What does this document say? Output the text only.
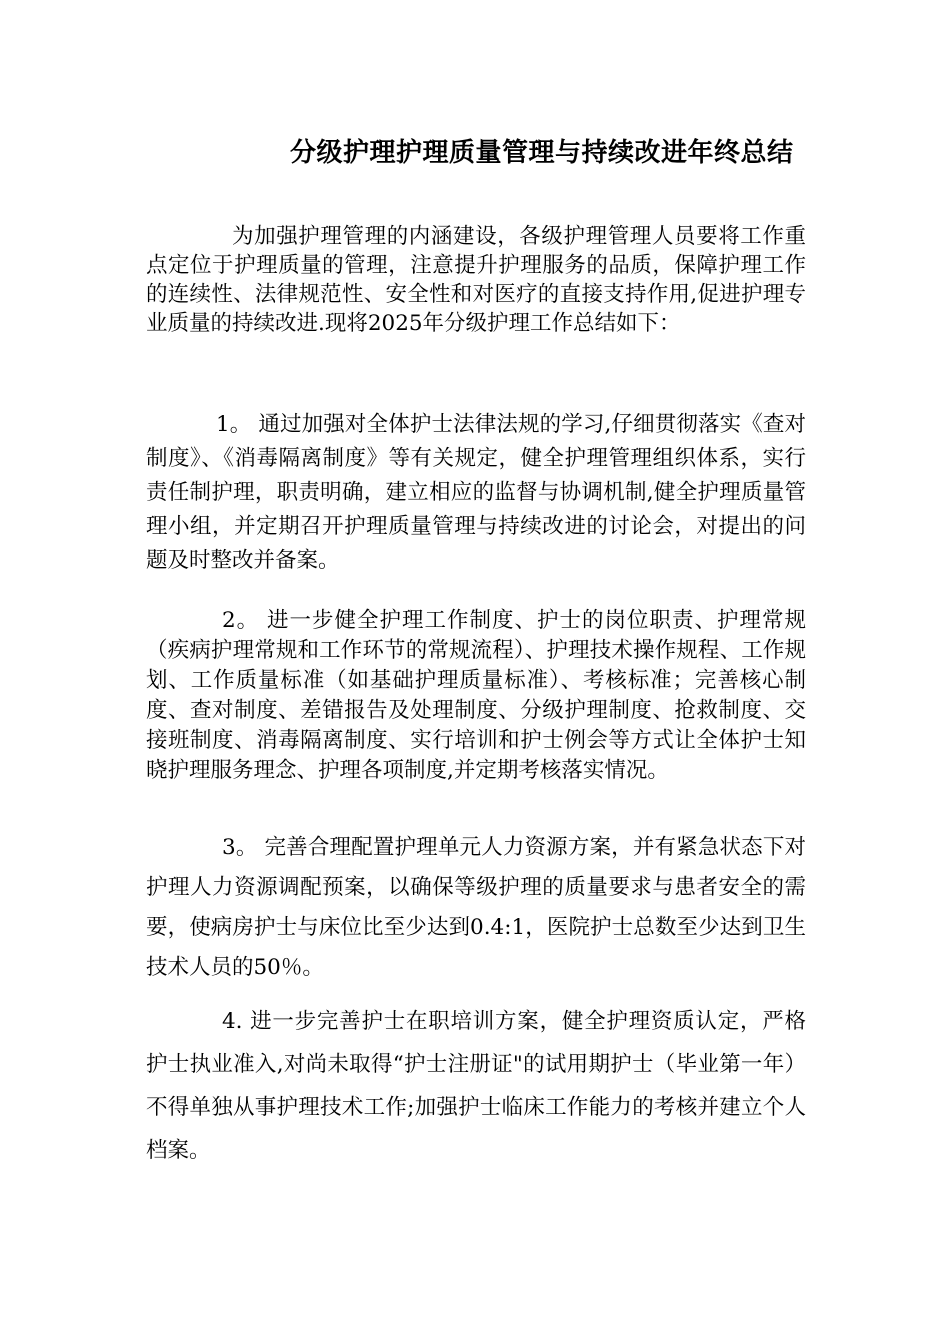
分级护理护理质量管理与持续改进年终总结

为加强护理管理的内涵建设，各级护理管理人员要将工作重点定位于护理质量的管理，注意提升护理服务的品质，保障护理工作的连续性、法律规范性、安全性和对医疗的直接支持作用,促进护理专业质量的持续改进.现将2025年分级护理工作总结如下：

1。 通过加强对全体护士法律法规的学习,仔细贯彻落实《查对制度》、《消毒隔离制度》等有关规定，健全护理管理组织体系，实行责任制护理，职责明确，建立相应的监督与协调机制,健全护理质量管理小组，并定期召开护理质量管理与持续改进的讨论会，对提出的问题及时整改并备案。

2。 进一步健全护理工作制度、护士的岗位职责、护理常规（疾病护理常规和工作环节的常规流程）、护理技术操作规程、工作规划、工作质量标准（如基础护理质量标准）、考核标准；完善核心制度、查对制度、差错报告及处理制度、分级护理制度、抢救制度、交接班制度、消毒隔离制度、实行培训和护士例会等方式让全体护士知晓护理服务理念、护理各项制度,并定期考核落实情况。

3。 完善合理配置护理单元人力资源方案，并有紧急状态下对护理人力资源调配预案，以确保等级护理的质量要求与患者安全的需要，使病房护士与床位比至少达到0.4:1，医院护士总数至少达到卫生技术人员的50％。

4. 进一步完善护士在职培训方案，健全护理资质认定，严格护士执业准入,对尚未取得“护士注册证"的试用期护士（毕业第一年）不得单独从事护理技术工作;加强护士临床工作能力的考核并建立个人档案。
